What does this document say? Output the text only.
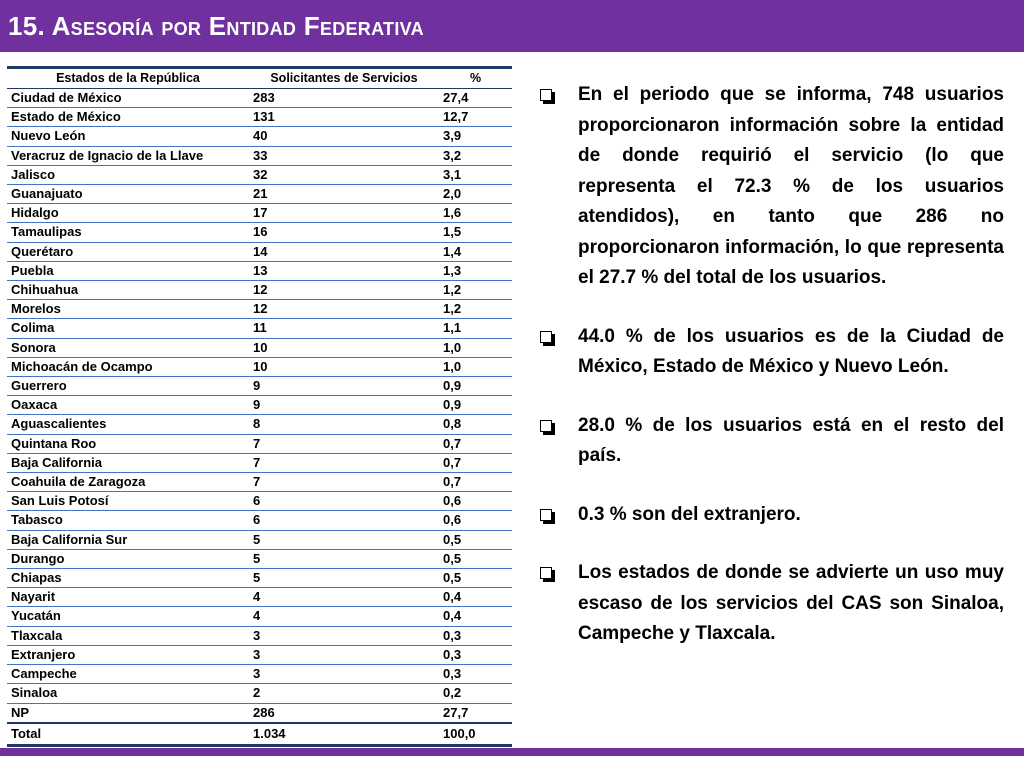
15. Asesoría por Entidad Federativa
Estados de la República	Solicitantes de Servicios	%
Ciudad de México	283	27,4
Estado de México	131	12,7
Nuevo León	40	3,9
Veracruz de Ignacio de la Llave	33	3,2
Jalisco	32	3,1
Guanajuato	21	2,0
Hidalgo	17	1,6
Tamaulipas	16	1,5
Querétaro	14	1,4
Puebla	13	1,3
Chihuahua	12	1,2
Morelos	12	1,2
Colima	11	1,1
Sonora	10	1,0
Michoacán de Ocampo	10	1,0
Guerrero	9	0,9
Oaxaca	9	0,9
Aguascalientes	8	0,8
Quintana Roo	7	0,7
Baja California	7	0,7
Coahuila de Zaragoza	7	0,7
San Luis Potosí	6	0,6
Tabasco	6	0,6
Baja California Sur	5	0,5
Durango	5	0,5
Chiapas	5	0,5
Nayarit	4	0,4
Yucatán	4	0,4
Tlaxcala	3	0,3
Extranjero	3	0,3
Campeche	3	0,3
Sinaloa	2	0,2
NP	286	27,7
Total	1.034	100,0
En el periodo que se informa, 748 usuarios proporcionaron información sobre la entidad de donde requirió el servicio (lo que representa el 72.3 % de los usuarios atendidos), en tanto que 286 no proporcionaron información, lo que representa el 27.7 % del total de los usuarios.
44.0 % de los usuarios es de la Ciudad de México, Estado de México y Nuevo León.
28.0 % de los usuarios está en el resto del país.
0.3 % son del extranjero.
Los estados de donde se advierte un uso muy escaso de los servicios del CAS son Sinaloa, Campeche y Tlaxcala.
